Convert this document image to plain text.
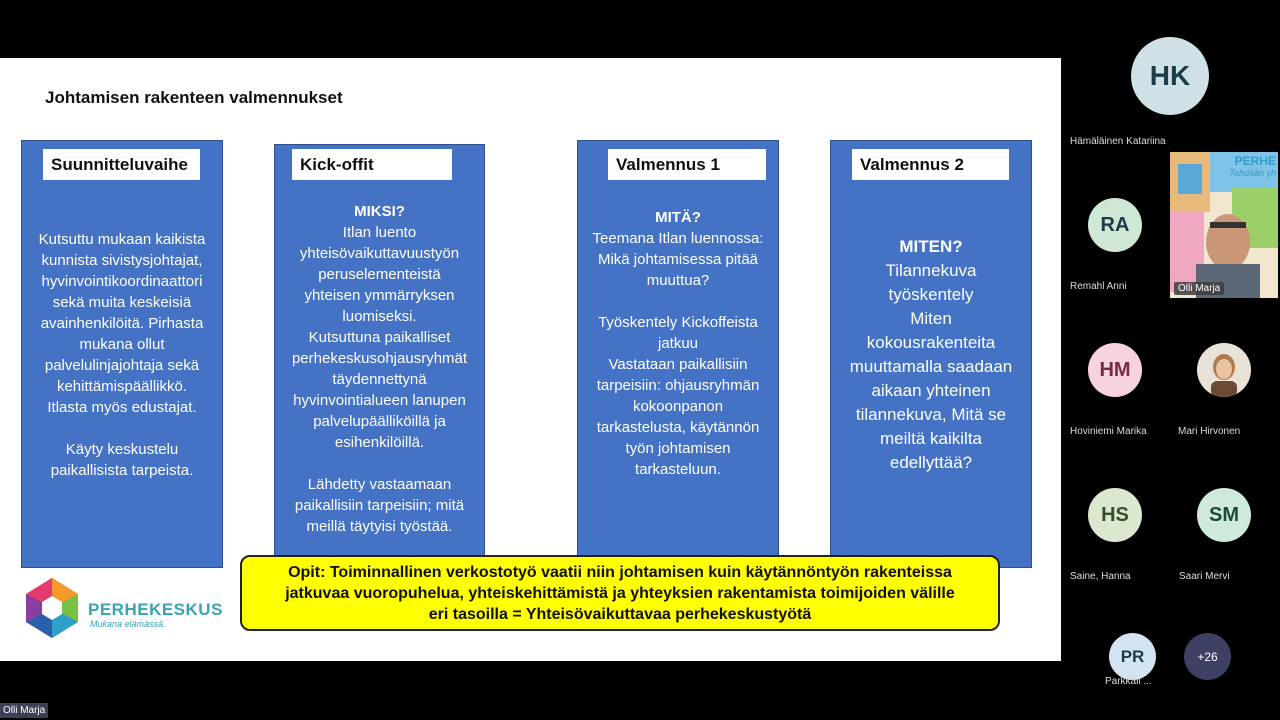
Johtamisen rakenteen valmennukset
Suunnitteluvaihe

Kutsuttu mukaan kaikista

kunnista sivistysjohtajat,

hyvinvointikoordinaattori

sekä muita keskeisiä

avainhenkilöitä. Pirhasta

mukana ollut

palvelulinjajohtaja sekä

kehittämispäällikkö.

Itlasta myös edustajat.

Käyty keskustelu

paikallisista tarpeista.

Kick-offit

MIKSI?

Itlan luento

yhteisövaikuttavuustyön

peruselementeistä

yhteisen ymmärryksen

luomiseksi.

Kutsuttuna paikalliset

perhekeskusohjausryhmät

täydennettynä

hyvinvointialueen lanupen

palvelupäälliköillä ja

esihenkilöillä.

Lähdetty vastaamaan

paikallisiin tarpeisiin; mitä

meillä täytyisi työstää.

Valmennus 1

MITÄ?

Teemana Itlan luennossa:

Mikä johtamisessa pitää

muuttua?

Työskentely Kickoffeista

jatkuu

Vastataan paikallisiin

tarpeisiin: ohjausryhmän

kokoonpanon

tarkastelusta, käytännön

työn johtamisen

tarkasteluun.

Valmennus 2

MITEN?

Tilannekuva

työskentely

Miten

kokousrakenteita

muuttamalla saadaan

aikaan yhteinen

tilannekuva, Mitä se

meiltä kaikilta

edellyttää?

Opit: Toiminnallinen verkostotyö vaatii niin johtamisen kuin käytännöntyön rakenteissa

jatkuvaa vuoropuhelua, yhteiskehittämistä ja yhteyksien rakentamista toimijoiden välille

eri tasoilla = Yhteisövaikuttavaa perhekeskustyötä

PERHEKESKUS
Mukana elämässä.
HK
Hämäläinen Katariina
RA
Remahl Anni
PERHE
Tehdään yh
Olli Marja
HM
Hoviniemi Marika	Mari Hirvonen
HS
Saine, Hanna
SM
Saari Mervi
PR
Parkkali ...
+26
Olli Marja
